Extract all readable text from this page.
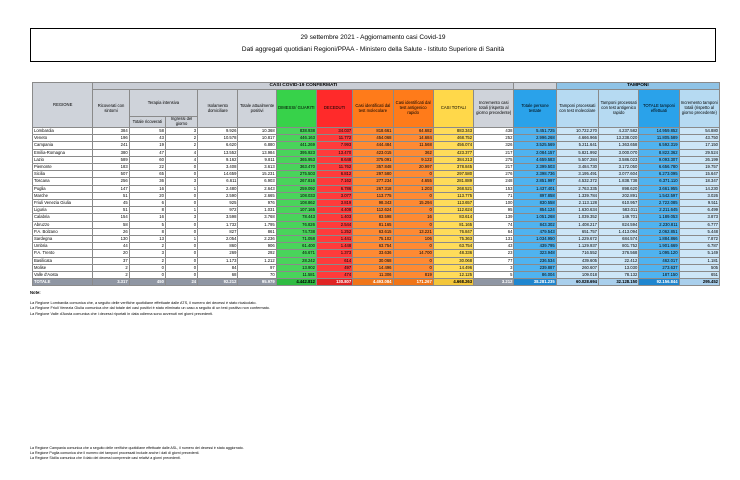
29 settembre 2021 - Aggiornamento casi Covid-19
Dati aggregati quotidiani Regioni/PPAA - Ministero della Salute - Istituto Superiore di Sanità
REGIONE	CASI COVID-19 CONFERMATI												TAMPONI			
	Ricoverati con sintomi	Terapia intensiva		Isolamento domiciliare	Totale attualmente positivi	DIMESSI/ GUARITI	DECEDUTI	Casi identificati dal test molecolare	Casi identificati dal test antigenico rapido	CASI TOTALI	Incremento casi totali (rispetto al giorno precedente)	Totale persone testate	Tamponi processati con test molecolare	Tamponi processati con test antigenico rapido	TOTALE tamponi effettuati	Incremento tamponi totali (rispetto al giorno precedente)
		Totale ricoverati	Ingressi del giorno													
Lombardia	384	58	3	9.926	10.368	838.938	34.037	818.661	64.682	883.343	438	5.451.725	10.722.270	4.237.582	14.959.852	54.880
Veneto	196	43	2	10.578	10.817	446.163	11.772	454.068	14.684	468.752	252	2.996.268	4.666.966	13.238.020	11.805.589	43.750
Campania	241	19	2	6.620	6.880	441.269	7.993	444.484	11.568	456.074	326	3.525.569	5.211.641	1.363.658	6.592.319	17.150
Emilia-Romagna	380	47	4	13.552	13.984	395.923	13.470	423.015	362	423.377	217	2.084.157	5.821.992	3.000.070	8.822.362	29.524
Lazio	589	60	4	9.162	9.811	365.953	8.648	375.091	9.122	384.213	275	4.659.583	5.507.284	3.586.023	9.093.307	26.199
Piemonte	183	22	0	3.408	3.613	363.470	11.762	357.848	20.997	378.845	217	2.399.503	3.484.730	3.172.050	6.656.780	19.757
Sicilia	507	65	0	14.659	15.231	275.503	6.812	297.580	0	297.580	276	2.398.736	3.195.491	3.077.604	6.273.095	15.647
Toscana	256	36	3	6.611	6.903	267.816	7.162	277.234	4.655	281.889	248	2.851.997	4.532.372	1.838.738	6.371.110	18.347
Puglia	147	16	1	2.480	2.643	259.092	6.786	267.318	1.203	268.521	153	1.437.401	2.763.335	898.620	3.661.955	14.230
Marche	51	20	0	2.590	2.665	108.033	3.077	113.775	0	113.775	71	897.858	1.339.784	202.891	1.542.597	3.026
Friuli Venezia Giulia	45	6	0	925	976	108.862	3.819	98.343	15.294	113.657	100	830.558	2.113.128	610.957	2.722.085	9.511
Liguria	51	8	1	972	1.031	107.165	4.408	112.624	0	112.624	95	854.124	1.630.634	583.011	2.211.645	6.499
Calabria	154	16	3	3.598	3.768	78.443	1.403	83.598	16	83.614	139	1.051.268	1.039.352	149.701	1.189.053	3.873
Abruzzo	58	5	0	1.732	1.795	76.826	2.544	81.165	0	81.165	74	843.302	1.408.217	824.594	2.230.811	6.777
P.A. Bolzano	26	8	0	827	861	74.738	1.252	63.615	13.221	76.847	64	479.543	651.757	1.413.094	2.062.851	5.448
Sardegna	130	13	1	2.054	2.236	71.058	1.441	75.102	106	75.363	131	1.034.950	1.229.672	684.574	1.884.866	7.872
Umbria	44	2	0	860	906	61.400	1.448	63.754	0	63.754	43	439.795	1.129.937	801.752	1.901.669	6.787
P.A. Trento	20	3	0	269	292	46.671	1.373	33.636	14.700	48.336	23	323.948	716.552	376.568	1.095.120	5.149
Basilicata	37	2	0	1.173	1.212	28.242	614	30.068	0	30.068	77	236.534	439.605	22.412	462.017	1.181
Molise	2	0	0	84	97	13.902	497	14.496	0	14.496	3	239.887	260.607	13.030	273.637	505
Valle d'Aosta	2	0	0	68	70	11.581	474	11.306	819	12.125	5	86.004	109.018	78.132	187.150	651
TOTALE	3.317	450	24	92.212	95.979	4.442.812	130.807	4.493.084	171.267	4.668.263	3.212	38.281.235	60.028.694	32.128.150	92.156.844	295.452
Note:
La Regione Lombardia comunica che, a seguito delle verifiche quotidiane effettuate dalle ATS, il numero dei decessi è stato ricalcolato.
La Regione Friuli Venezia Giulia comunica che dal totale dei casi positivi è stato eliminato un caso a seguito di un test positivo non confermato.
La Regione Valle d'Aosta comunica che i decessi riportati in data odierna sono avvenuti nei giorni precedenti.
La Regione Campania comunica che a seguito delle verifiche quotidiane effettuate dalle ASL, il numero dei decessi è stato aggiornato.
La Regione Puglia comunica che il numero dei tamponi processati include anche i dati di giorni precedenti.
La Regione Sicilia comunica che il dato dei decessi comprende casi relativi a giorni precedenti.
